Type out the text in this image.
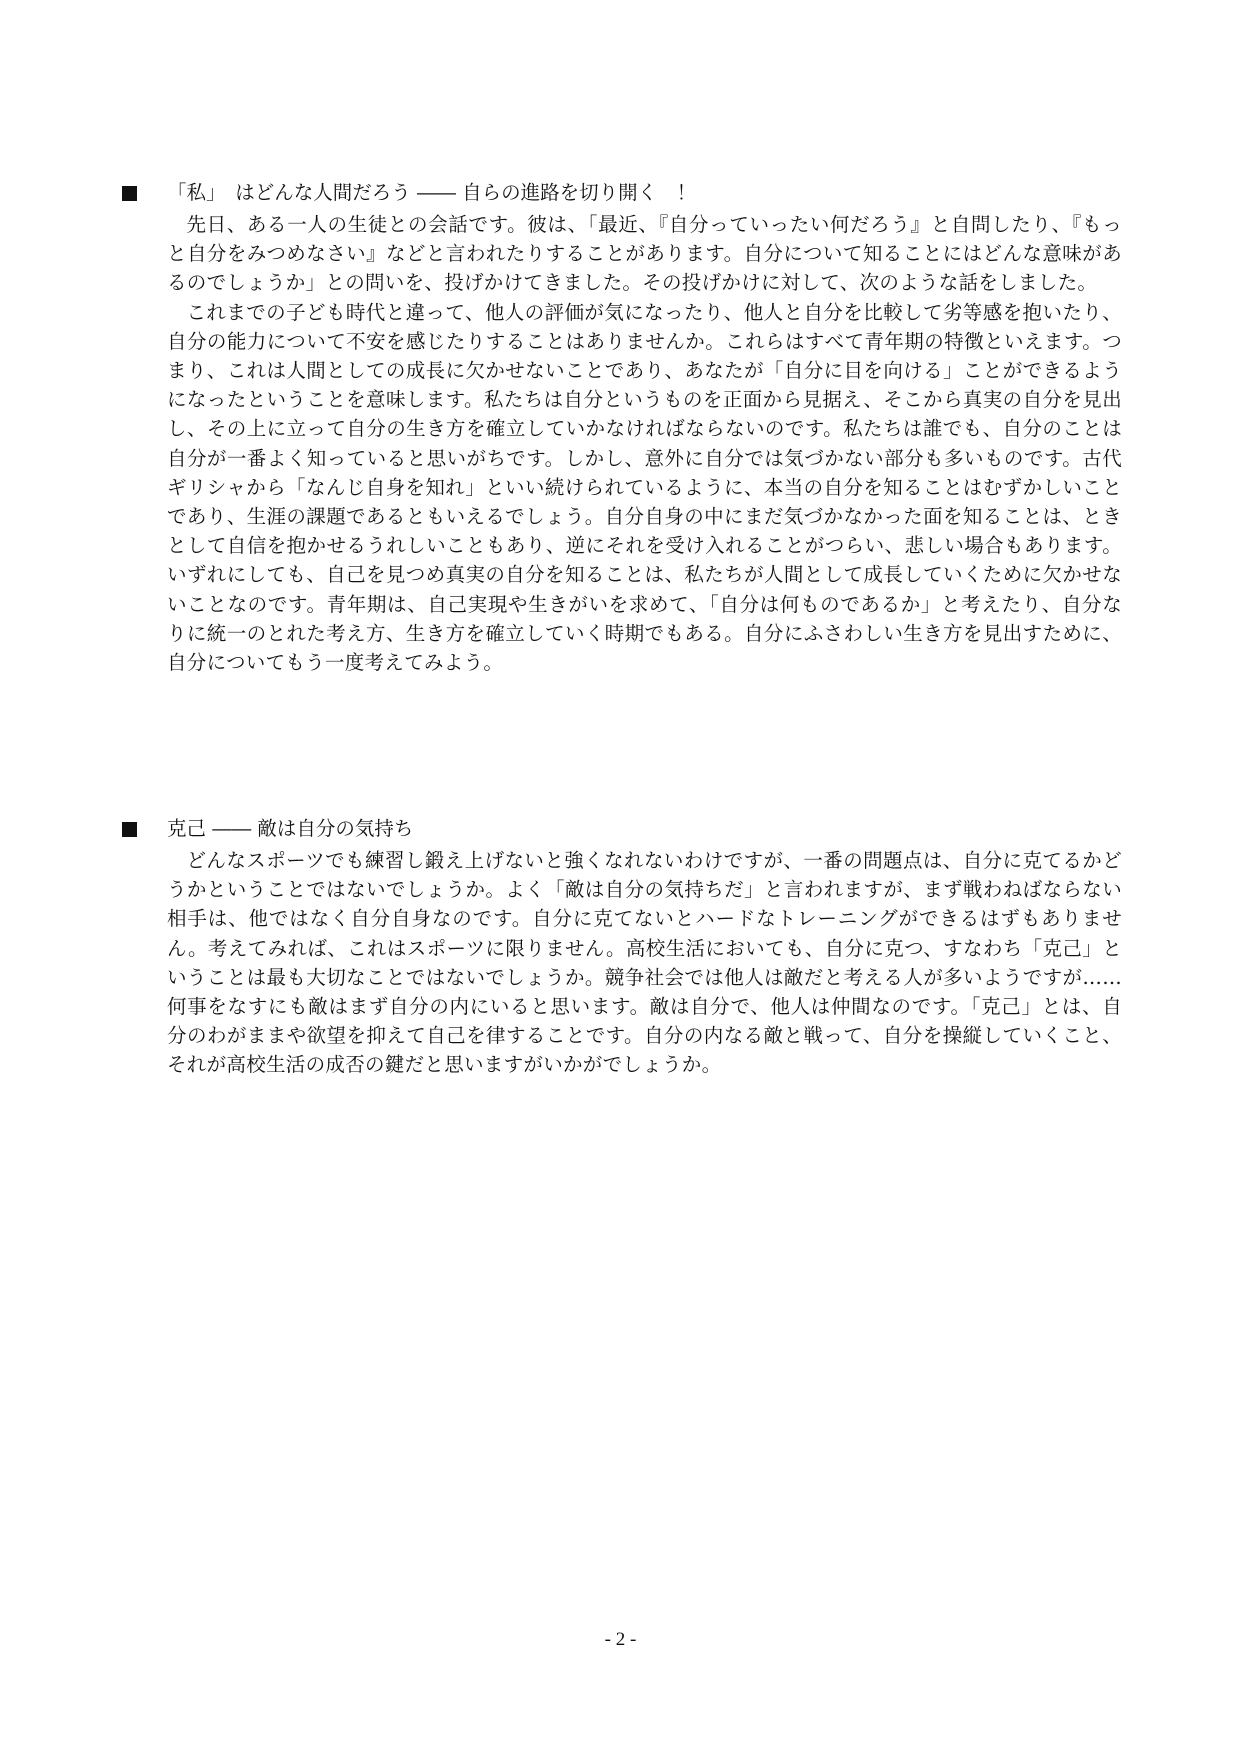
「私」　はどんな人間だろう ―― 自らの進路を切り開く　！

先日、ある一人の生徒との会話です。彼は、「最近、『自分っていったい何だろう』と自問したり、『もっと自分をみつめなさい』などと言われたりすることがあります。自分について知ることにはどんな意味があるのでしょうか」との問いを、投げかけてきました。その投げかけに対して、次のような話をしました。

これまでの子ども時代と違って、他人の評価が気になったり、他人と自分を比較して劣等感を抱いたり、自分の能力について不安を感じたりすることはありませんか。これらはすべて青年期の特徴といえます。つまり、これは人間としての成長に欠かせないことであり、あなたが「自分に目を向ける」ことができるようになったということを意味します。私たちは自分というものを正面から見据え、そこから真実の自分を見出し、その上に立って自分の生き方を確立していかなければならないのです。私たちは誰でも、自分のことは自分が一番よく知っていると思いがちです。しかし、意外に自分では気づかない部分も多いものです。古代ギリシャから「なんじ自身を知れ」といい続けられているように、本当の自分を知ることはむずかしいことであり、生涯の課題であるともいえるでしょう。自分自身の中にまだ気づかなかった面を知ることは、ときとして自信を抱かせるうれしいこともあり、逆にそれを受け入れることがつらい、悲しい場合もあります。いずれにしても、自己を見つめ真実の自分を知ることは、私たちが人間として成長していくために欠かせないことなのです。青年期は、自己実現や生きがいを求めて、「自分は何ものであるか」と考えたり、自分なりに統一のとれた考え方、生き方を確立していく時期でもある。自分にふさわしい生き方を見出すために、自分についてもう一度考えてみよう。

克己 ―― 敵は自分の気持ち

どんなスポーツでも練習し鍛え上げないと強くなれないわけですが、一番の問題点は、自分に克てるかどうかということではないでしょうか。よく「敵は自分の気持ちだ」と言われますが、まず戦わねばならない相手は、他ではなく自分自身なのです。自分に克てないとハードなトレーニングができるはずもありません。考えてみれば、これはスポーツに限りません。高校生活においても、自分に克つ、すなわち「克己」ということは最も大切なことではないでしょうか。競争社会では他人は敵だと考える人が多いようですが……何事をなすにも敵はまず自分の内にいると思います。敵は自分で、他人は仲間なのです。「克己」とは、自分のわがままや欲望を抑えて自己を律することです。自分の内なる敵と戦って、自分を操縦していくこと、それが高校生活の成否の鍵だと思いますがいかがでしょうか。

- 2 -
